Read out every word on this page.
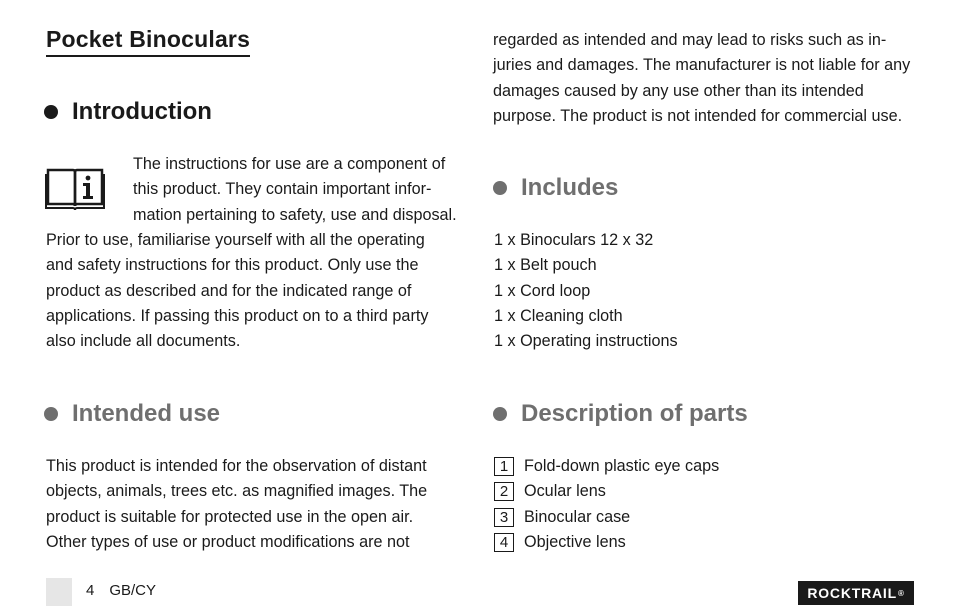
Pocket Binoculars
Introduction
The instructions for use are a component of
this product. They contain important infor-
mation pertaining to safety, use and disposal.
Prior to use, familiarise yourself with all the operating
and safety instructions for this product. Only use the
product as described and for the indicated range of
applications. If passing this product on to a third party
also include all documents.
Intended use
This product is intended for the observation of distant
objects, animals, trees etc. as magnified images. The
product is suitable for protected use in the open air.
Other types of use or product modifications are not
regarded as intended and may lead to risks such as in-
juries and damages. The manufacturer is not liable for any
damages caused by any use other than its intended
purpose. The product is not intended for commercial use.
Includes
1 x Binoculars 12 x 32
1 x Belt pouch
1 x Cord loop
1 x Cleaning cloth
1 x Operating instructions
Description of parts
1 Fold-down plastic eye caps
2 Ocular lens
3 Binocular case
4 Objective lens
4 GB/CY	ROCKTRAIL ®
